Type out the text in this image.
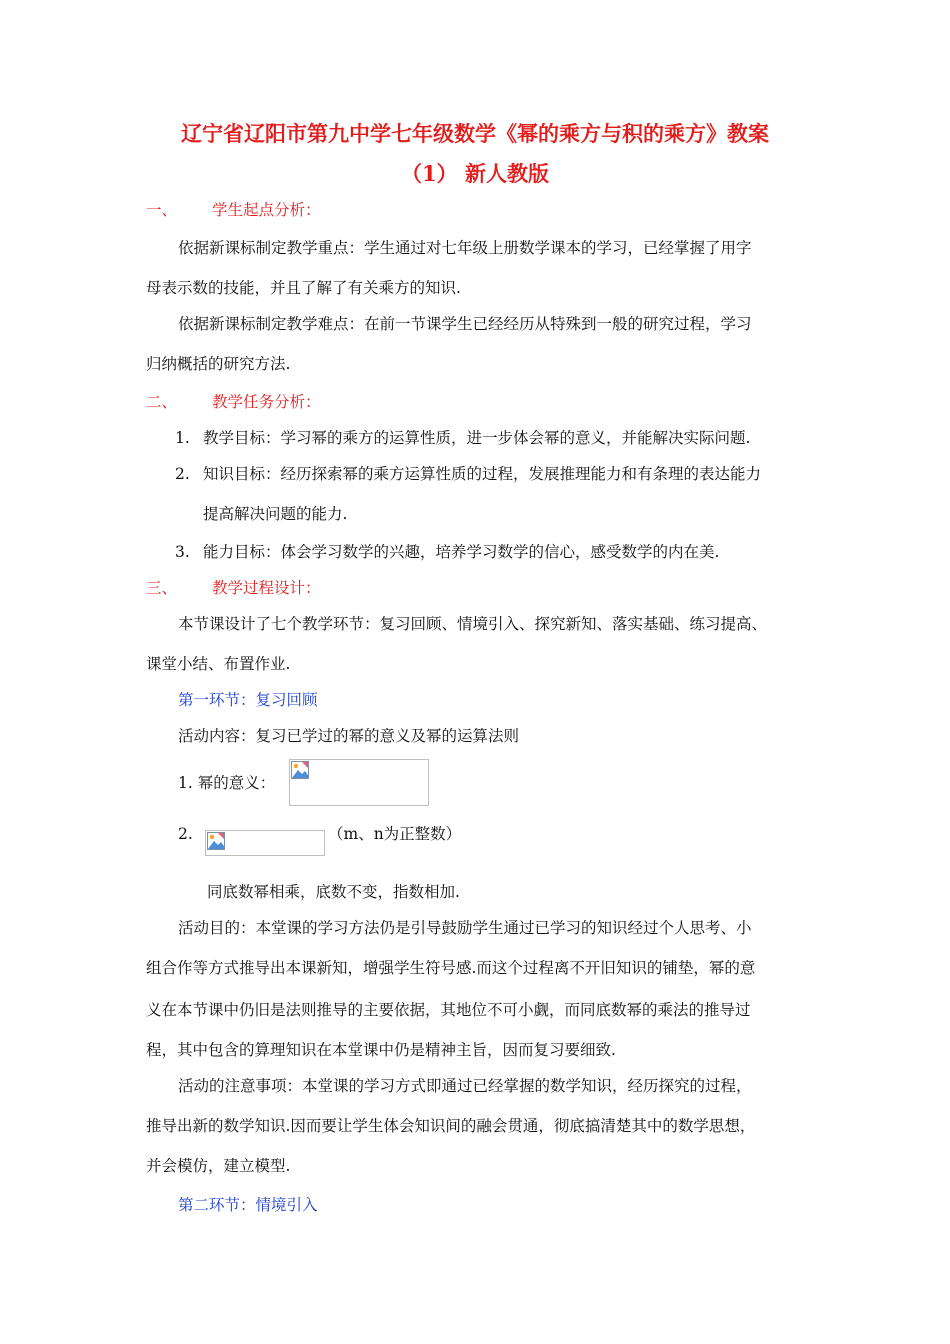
辽宁省辽阳市第九中学七年级数学《幂的乘方与积的乘方》教案
（1） 新人教版
一、 学生起点分析：
依据新课标制定教学重点：学生通过对七年级上册数学课本的学习，已经掌握了用字
母表示数的技能，并且了解了有关乘方的知识.
依据新课标制定教学难点：在前一节课学生已经经历从特殊到一般的研究过程，学习
归纳概括的研究方法.
二、 教学任务分析：
1. 教学目标：学习幂的乘方的运算性质，进一步体会幂的意义，并能解决实际问题.
2. 知识目标：经历探索幂的乘方运算性质的过程，发展推理能力和有条理的表达能力
提高解决问题的能力.
3. 能力目标：体会学习数学的兴趣，培养学习数学的信心，感受数学的内在美.
三、 教学过程设计：
本节课设计了七个教学环节：复习回顾、情境引入、探究新知、落实基础、练习提高、
课堂小结、布置作业.
第一环节：复习回顾
活动内容：复习已学过的幂的意义及幂的运算法则
1. 幂的意义：
2.	（m、n为正整数）
同底数幂相乘，底数不变，指数相加.
活动目的：本堂课的学习方法仍是引导鼓励学生通过已学习的知识经过个人思考、小
组合作等方式推导出本课新知，增强学生符号感.而这个过程离不开旧知识的铺垫，幂的意
义在本节课中仍旧是法则推导的主要依据，其地位不可小觑，而同底数幂的乘法的推导过
程，其中包含的算理知识在本堂课中仍是精神主旨，因而复习要细致.
活动的注意事项：本堂课的学习方式即通过已经掌握的数学知识，经历探究的过程，
推导出新的数学知识.因而要让学生体会知识间的融会贯通，彻底搞清楚其中的数学思想，
并会模仿，建立模型.
第二环节：情境引入
